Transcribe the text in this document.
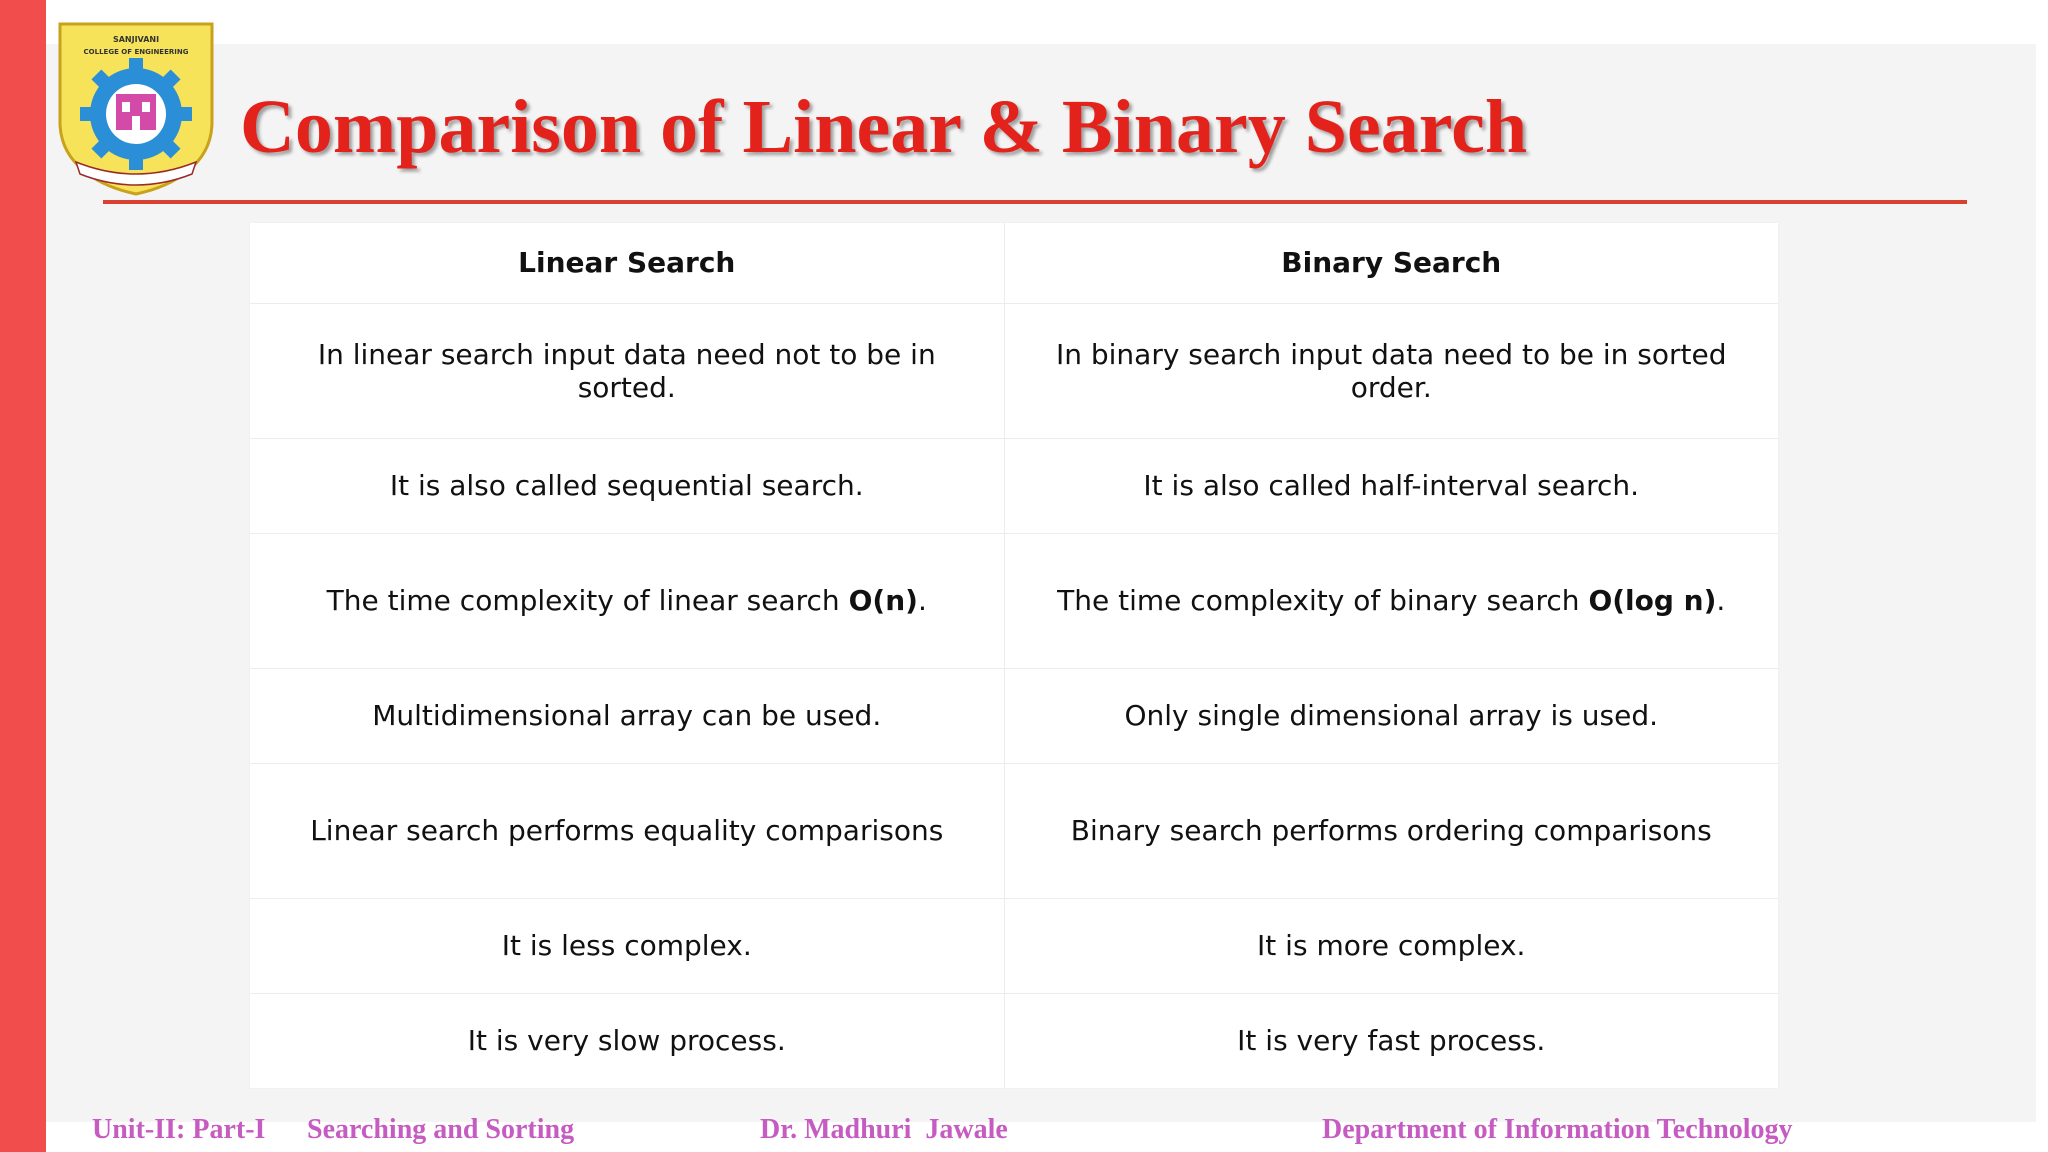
SANJIVANI
COLLEGE OF ENGINEERING
Comparison of Linear & Binary Search
Linear Search	Binary Search
In linear search input data need not to be in sorted.	In binary search input data need to be in sorted order.
It is also called sequential search.	It is also called half-interval search.
The time complexity of linear search O(n).	The time complexity of binary search O(log n).
Multidimensional array can be used.	Only single dimensional array is used.
Linear search performs equality comparisons	Binary search performs ordering comparisons
It is less complex.	It is more complex.
It is very slow process.	It is very fast process.
Unit-II: Part-I Searching and Sorting	Dr. Madhuri  Jawale	Department of Information Technology
